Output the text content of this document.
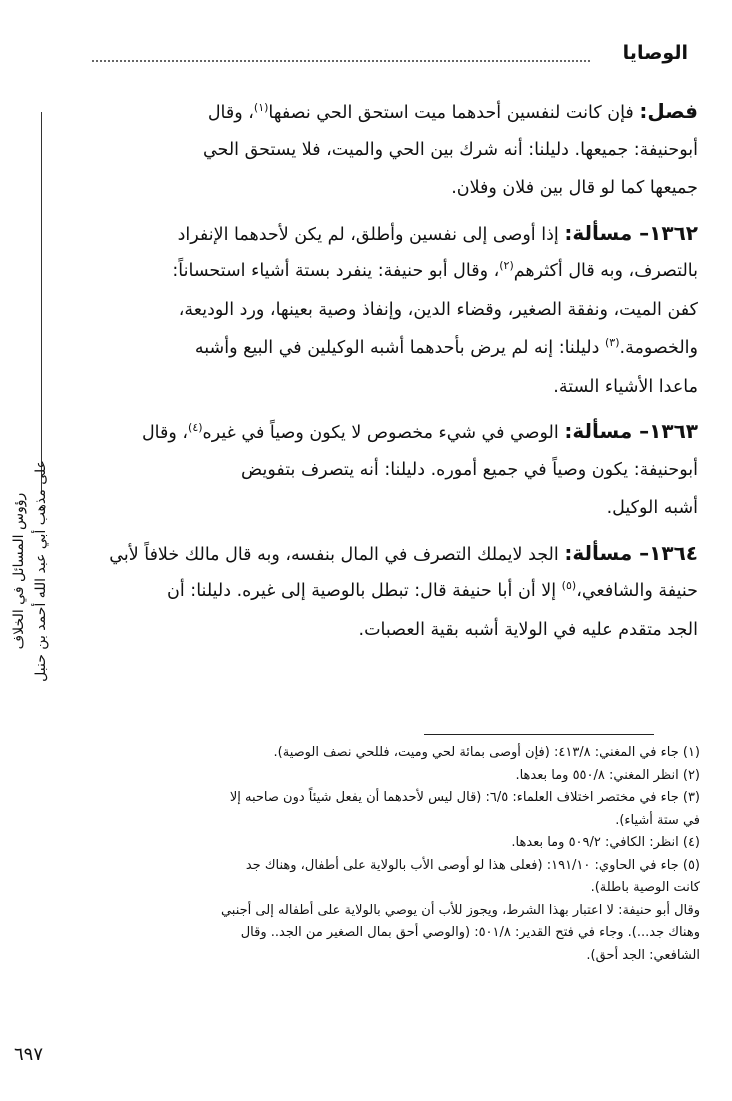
الوصايا
رؤوس المسائل في الخلاف على مذهب أبي عبد الله أحمد بن حنبل
فصل: فإن كانت لنفسين أحدهما ميت استحق الحي نصفها$^{(١)}$، وقال
أبوحنيفة: جميعها. دليلنا: أنه شرك بين الحي والميت، فلا يستحق الحي
جميعها كما لو قال بين فلان وفلان.
١٣٦٢– مسألة: إذا أوصى إلى نفسين وأطلق، لم يكن لأحدهما الإنفراد
بالتصرف، وبه قال أكثرهم$^{(٢)}$، وقال أبو حنيفة: ينفرد بستة أشياء استحساناً:
كفن الميت، ونفقة الصغير، وقضاء الدين، وإنفاذ وصية بعينها، ورد الوديعة،
والخصومة.$^{(٣)}$ دليلنا: إنه لم يرض بأحدهما أشبه الوكيلين في البيع وأشبه
ماعدا الأشياء الستة.
١٣٦٣– مسألة: الوصي في شيء مخصوص لا يكون وصياً في غيره$^{(٤)}$، وقال
أبوحنيفة: يكون وصياً في جميع أموره. دليلنا: أنه يتصرف بتفويض
أشبه الوكيل.
١٣٦٤– مسألة: الجد لايملك التصرف في المال بنفسه، وبه قال مالك خلافاً لأبي
حنيفة والشافعي،$^{(٥)}$ إلا أن أبا حنيفة قال: تبطل بالوصية إلى غيره. دليلنا: أن
الجد متقدم عليه في الولاية أشبه بقية العصبات.
(١) جاء في المغني: ٤١٣/٨: (فإن أوصى بمائة لحي وميت، فللحي نصف الوصية).
(٢) انظر المغني: ٥٥٠/٨ وما بعدها.
(٣) جاء في مختصر اختلاف العلماء: ٦/٥: (قال ليس لأحدهما أن يفعل شيئاً دون صاحبه إلا
في ستة أشياء).
(٤) انظر: الكافي: ٥٠٩/٢ وما بعدها.
(٥) جاء في الحاوي: ١٩١/١٠: (فعلى هذا لو أوصى الأب بالولاية على أطفال، وهناك جد
كانت الوصية باطلة).
وقال أبو حنيفة: لا اعتبار بهذا الشرط، ويجوز للأب أن يوصي بالولاية على أطفاله إلى أجنبي
وهناك جد...). وجاء في فتح القدير: ٥٠١/٨: (والوصي أحق بمال الصغير من الجد.. وقال
الشافعي: الجد أحق).
٦٩٧
